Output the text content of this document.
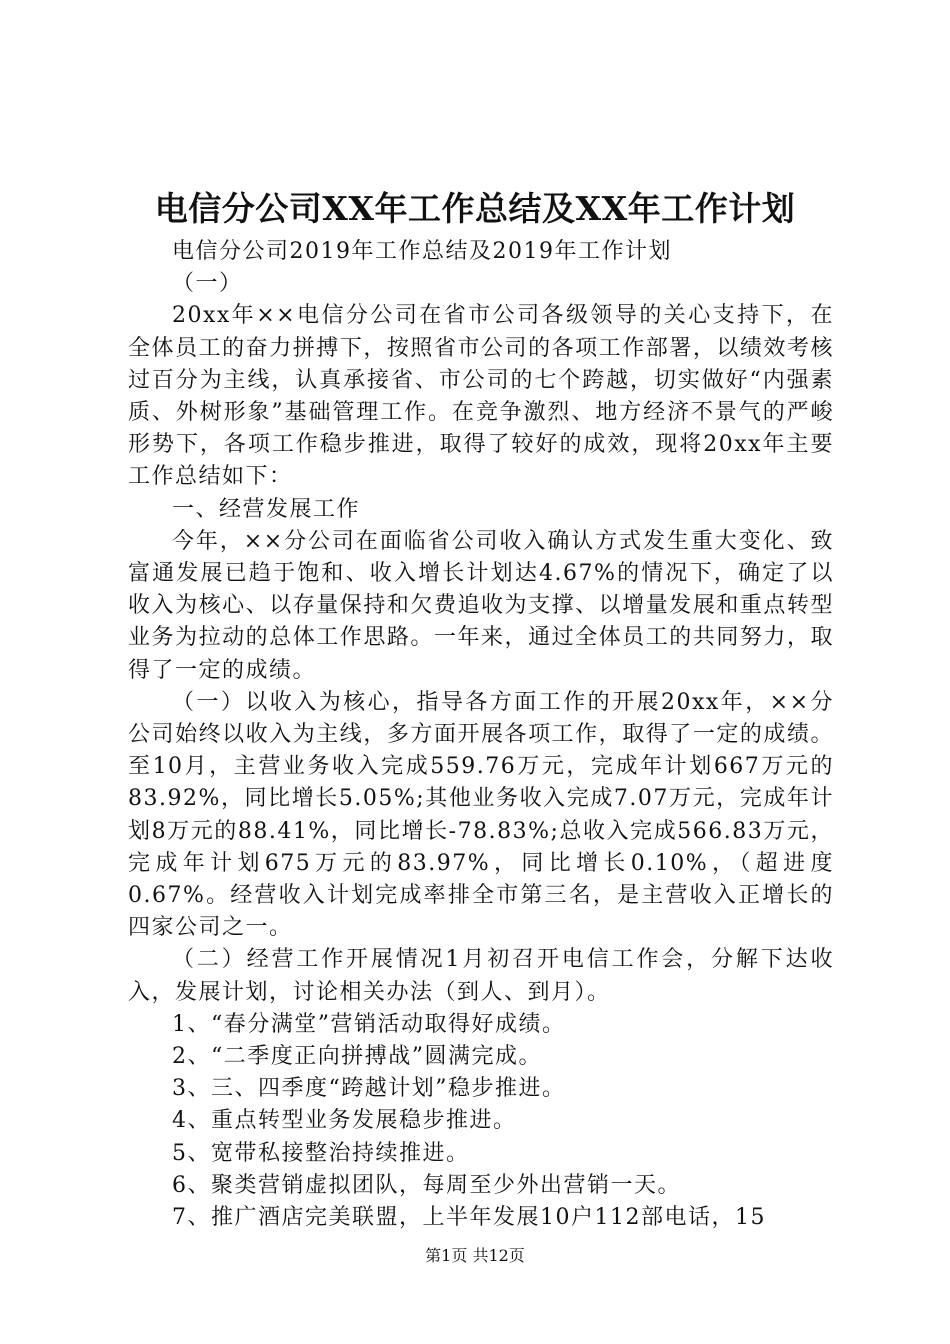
电信分公司XX年工作总结及XX年工作计划

电信分公司2019年工作总结及2019年工作计划

（一）

20xx年××电信分公司在省市公司各级领导的关心支持下，在全体员工的奋力拼搏下，按照省市公司的各项工作部署，以绩效考核过百分为主线，认真承接省、市公司的七个跨越，切实做好“内强素质、外树形象”基础管理工作。在竞争激烈、地方经济不景气的严峻形势下，各项工作稳步推进，取得了较好的成效，现将20xx年主要工作总结如下：

一、经营发展工作

今年，××分公司在面临省公司收入确认方式发生重大变化、致富通发展已趋于饱和、收入增长计划达4.67%的情况下，确定了以收入为核心、以存量保持和欠费追收为支撑、以增量发展和重点转型业务为拉动的总体工作思路。一年来，通过全体员工的共同努力，取得了一定的成绩。

（一）以收入为核心，指导各方面工作的开展20xx年，××分公司始终以收入为主线，多方面开展各项工作，取得了一定的成绩。至10月，主营业务收入完成559.76万元，完成年计划667万元的83.92%，同比增长5.05%;其他业务收入完成7.07万元，完成年计划8万元的88.41%，同比增长-78.83%;总收入完成566.83万元，完成年计划675万元的83.97%，同比增长0.10%，（超进度0.67%。经营收入计划完成率排全市第三名，是主营收入正增长的四家公司之一。

（二）经营工作开展情况1月初召开电信工作会，分解下达收入，发展计划，讨论相关办法（到人、到月）。

1、“春分满堂”营销活动取得好成绩。

2、“二季度正向拼搏战”圆满完成。

3、三、四季度“跨越计划”稳步推进。

4、重点转型业务发展稳步推进。

5、宽带私接整治持续推进。

6、聚类营销虚拟团队，每周至少外出营销一天。

7、推广酒店完美联盟，上半年发展10户112部电话，15

第1页 共12页
